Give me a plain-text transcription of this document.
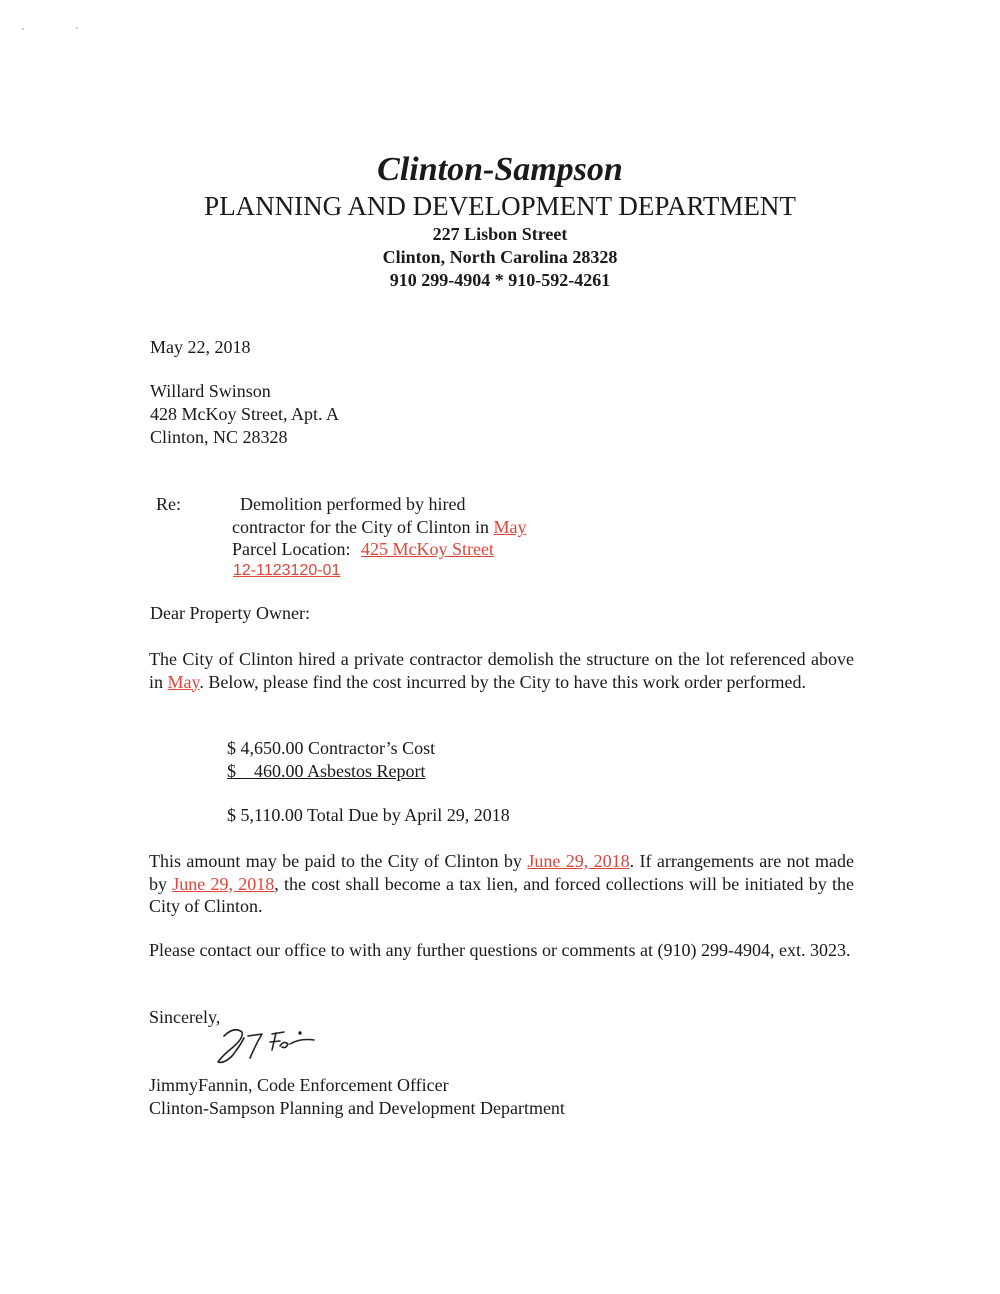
Clinton-Sampson
PLANNING AND DEVELOPMENT DEPARTMENT
227 Lisbon Street
Clinton, North Carolina 28328
910 299-4904 * 910-592-4261
May 22, 2018
Willard Swinson
428 McKoy Street, Apt. A
Clinton, NC 28328
Re:	Demolition performed by hired
contractor for the City of Clinton in May
Parcel Location: 425 McKoy Street
12-1123120-01
Dear Property Owner:
The City of Clinton hired a private contractor demolish the structure on the lot referenced above in May. Below, please find the cost incurred by the City to have this work order performed.
$ 4,650.00 Contractor’s Cost
$    460.00 Asbestos Report
$ 5,110.00 Total Due by April 29, 2018
This amount may be paid to the City of Clinton by June 29, 2018. If arrangements are not made by June 29, 2018, the cost shall become a tax lien, and forced collections will be initiated by the City of Clinton.
Please contact our office to with any further questions or comments at (910) 299-4904, ext. 3023.
Sincerely,
JimmyFannin, Code Enforcement Officer
Clinton-Sampson Planning and Development Department
